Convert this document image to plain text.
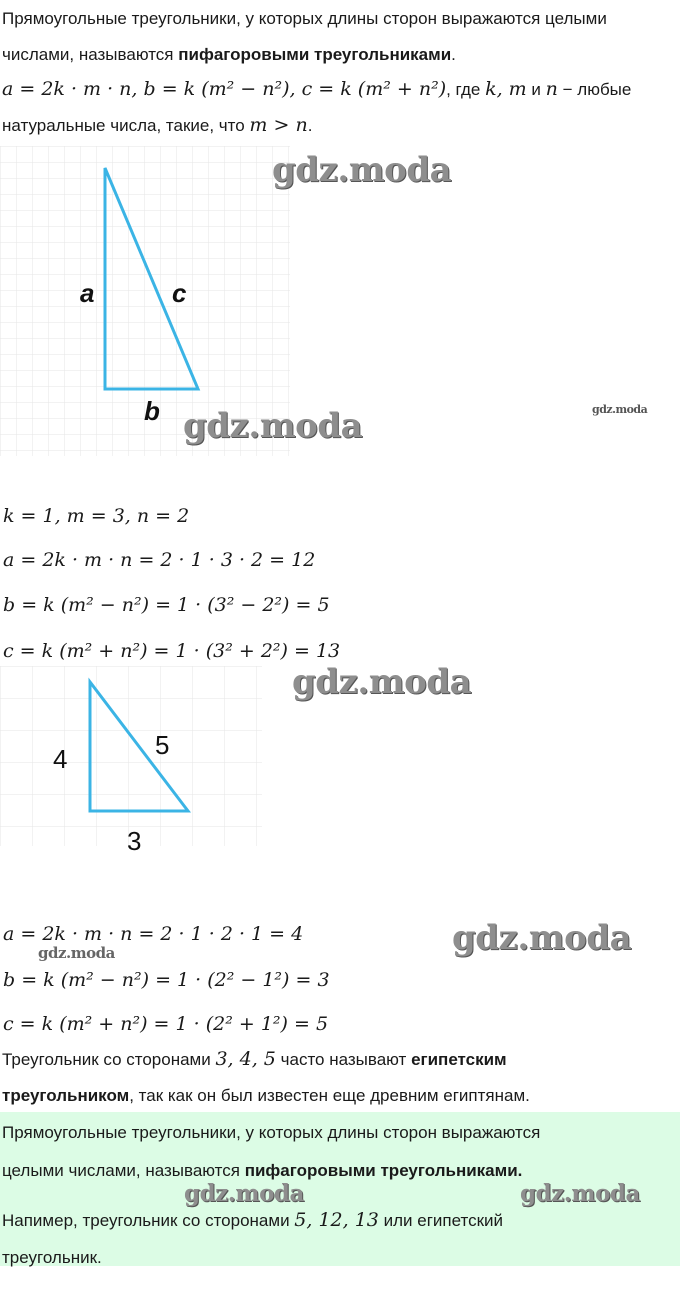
Прямоугольные треугольники, у которых длины сторон выражаются целыми
числами, называются пифагоровыми треугольниками.
a = 2k · m · n, b = k (m² − n²), c = k (m² + n²), где k, m и n − любые
натуральные числа, такие, что m > n.
a	c
b
k = 1, m = 3, n = 2
a = 2k · m · n = 2 · 1 · 3 · 2 = 12
b = k (m² − n²) = 1 · (3² − 2²) = 5
c = k (m² + n²) = 1 · (3² + 2²) = 13
4	5
3
a = 2k · m · n = 2 · 1 · 2 · 1 = 4
b = k (m² − n²) = 1 · (2² − 1²) = 3
c = k (m² + n²) = 1 · (2² + 1²) = 5
Треугольник со сторонами 3, 4, 5 часто называют египетским
треугольником, так как он был известен еще древним египтянам.
Прямоугольные треугольники, у которых длины сторон выражаются
целыми числами, называются пифагоровыми треугольниками.
Напимер, треугольник со сторонами 5, 12, 13 или египетский
треугольник.
gdz.moda
gdz.moda	gdz.moda
gdz.moda
gdz.moda
gdz.moda
gdz.moda	gdz.moda
